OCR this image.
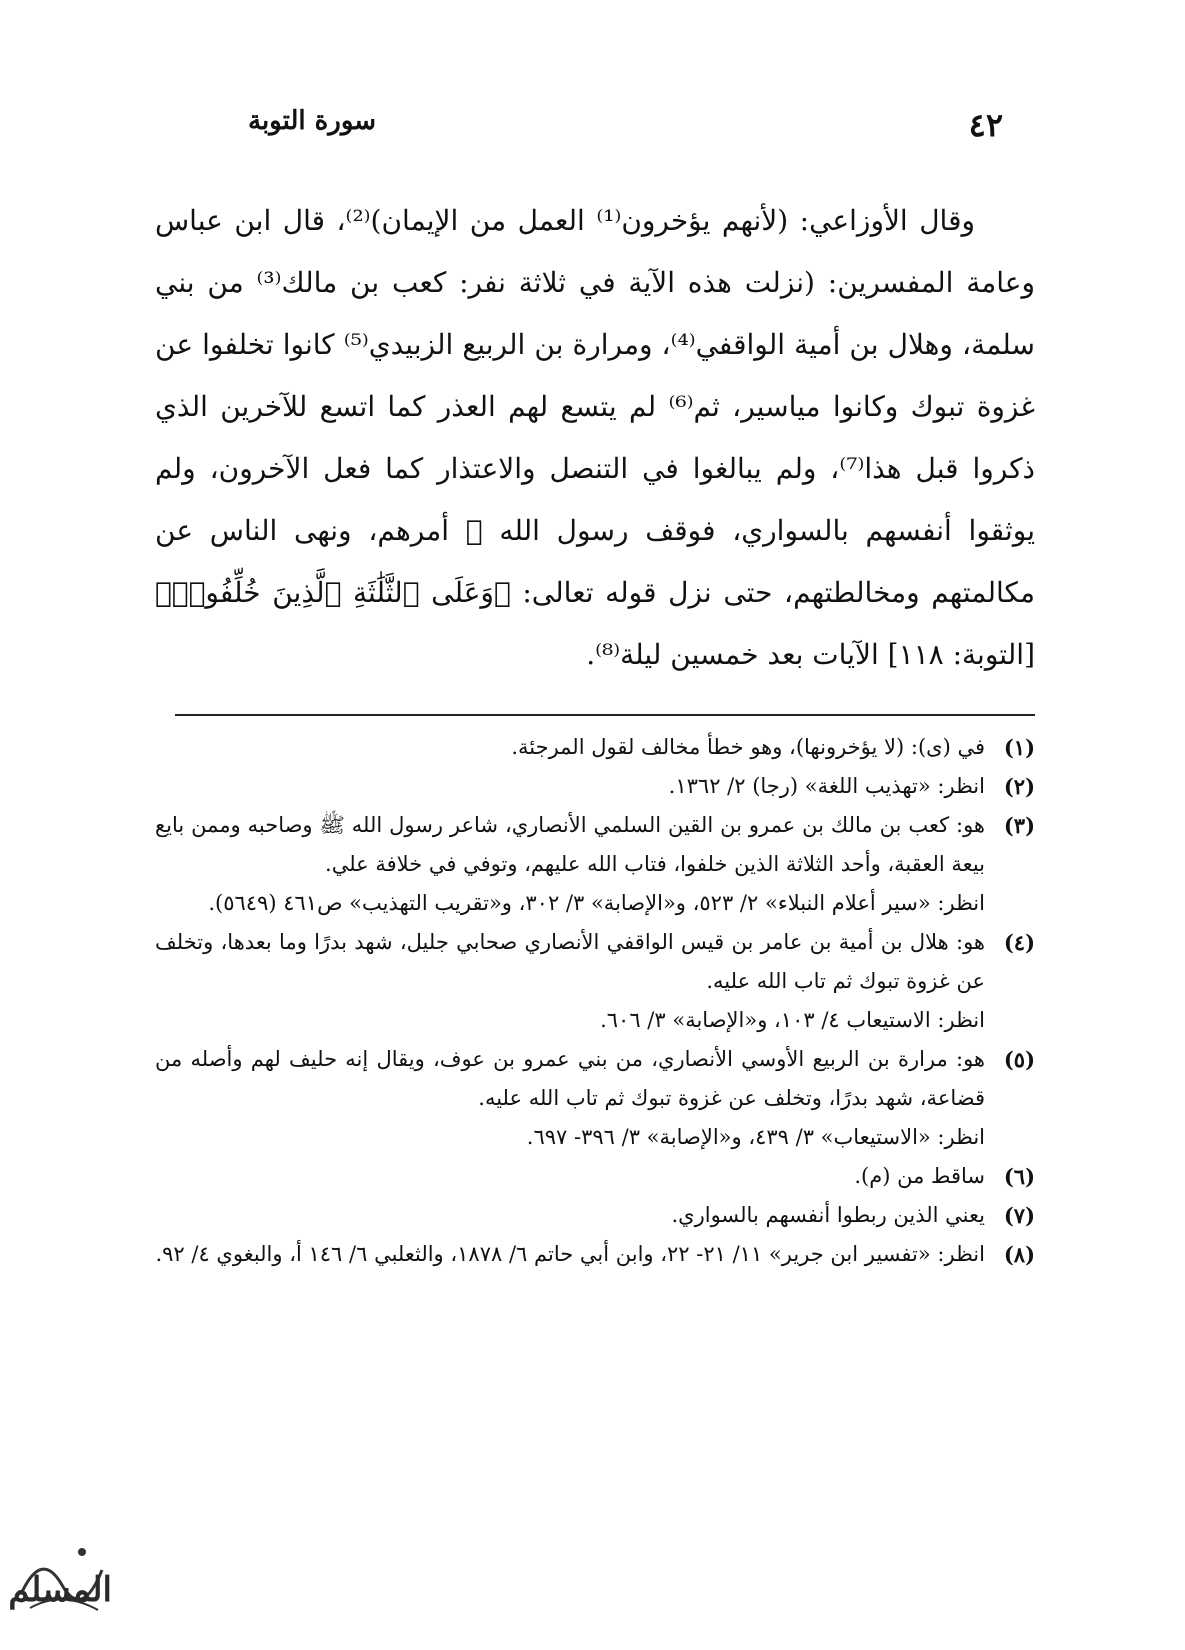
٤٢
سورة التوبة

وقال الأوزاعي: (لأنهم يؤخرون⁽¹⁾ العمل من الإيمان)⁽²⁾، قال ابن عباس وعامة المفسرين: (نزلت هذه الآية في ثلاثة نفر: كعب بن مالك⁽³⁾ من بني سلمة، وهلال بن أمية الواقفي⁽⁴⁾، ومرارة بن الربيع الزبيدي⁽⁵⁾ كانوا تخلفوا عن غزوة تبوك وكانوا مياسير، ثم⁽⁶⁾ لم يتسع لهم العذر كما اتسع للآخرين الذي ذكروا قبل هذا⁽⁷⁾، ولم يبالغوا في التنصل والاعتذار كما فعل الآخرون، ولم يوثقوا أنفسهم بالسواري، فوقف رسول الله ﷺ أمرهم، ونهى الناس عن مكالمتهم ومخالطتهم، حتى نزل قوله تعالى: ﴿وَعَلَى ٱلثَّلَٰثَةِ ٱلَّذِينَ خُلِّفُوا۟﴾ [التوبة: ١١٨] الآيات بعد خمسين ليلة⁽⁸⁾.

(١)
في (ى): (لا يؤخرونها)، وهو خطأ مخالف لقول المرجئة.
(٢)
انظر: «تهذيب اللغة» (رجا) ٢/ ١٣٦٢.
(٣)
هو: كعب بن مالك بن عمرو بن القين السلمي الأنصاري، شاعر رسول الله ﷺ وصاحبه وممن بايع بيعة العقبة، وأحد الثلاثة الذين خلفوا، فتاب الله عليهم، وتوفي في خلافة علي.
انظر: «سير أعلام النبلاء» ٢/ ٥٢٣، و«الإصابة» ٣/ ٣٠٢، و«تقريب التهذيب» ص٤٦١ (٥٦٤٩).
(٤)
هو: هلال بن أمية بن عامر بن قيس الواقفي الأنصاري صحابي جليل، شهد بدرًا وما بعدها، وتخلف عن غزوة تبوك ثم تاب الله عليه.
انظر: الاستيعاب ٤/ ١٠٣، و«الإصابة» ٣/ ٦٠٦.
(٥)
هو: مرارة بن الربيع الأوسي الأنصاري، من بني عمرو بن عوف، ويقال إنه حليف لهم وأصله من قضاعة، شهد بدرًا، وتخلف عن غزوة تبوك ثم تاب الله عليه.
انظر: «الاستيعاب» ٣/ ٤٣٩، و«الإصابة» ٣/ ٣٩٦- ٦٩٧.
(٦)
ساقط من (م).
(٧)
يعني الذين ربطوا أنفسهم بالسواري.
(٨)
انظر: «تفسير ابن جرير» ١١/ ٢١- ٢٢، وابن أبي حاتم ٦/ ١٨٧٨، والثعلبي ٦/ ١٤٦ أ، والبغوي ٤/ ٩٢.
المسلم
